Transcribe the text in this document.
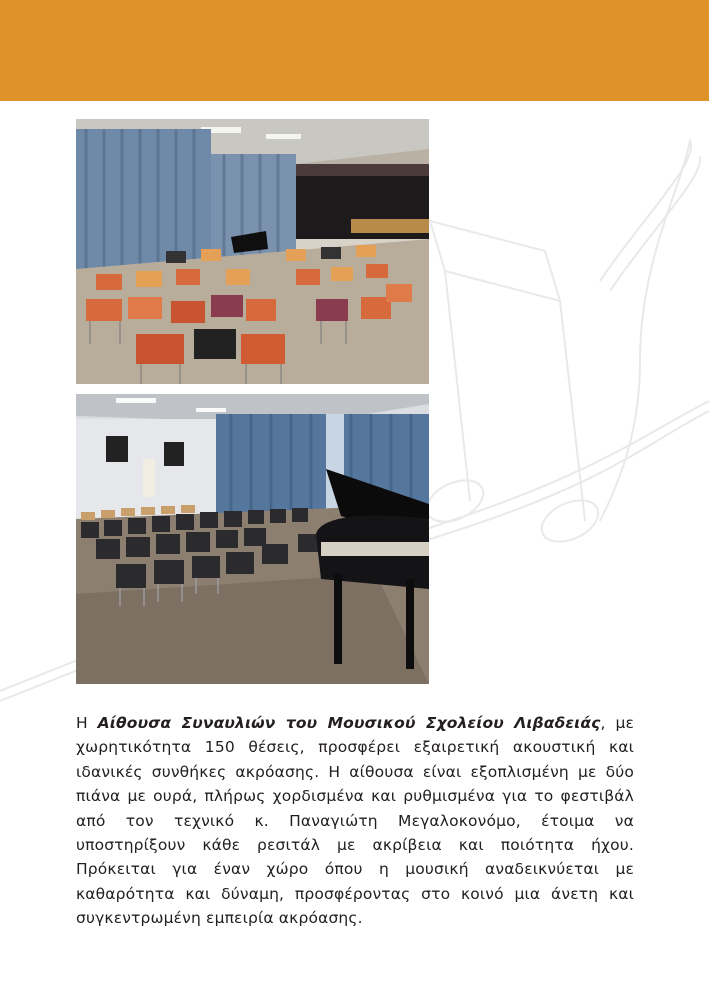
Η Αίθουσα Συναυλιών του Μουσικού Σχολείου Λιβαδειάς, με χωρητικότητα 150 θέσεις, προσφέρει εξαιρετική ακουστική και ιδανικές συνθήκες ακρόασης. Η αίθουσα είναι εξοπλισμένη με δύο πιάνα με ουρά, πλήρως χορδισμένα και ρυθμισμένα για το φεστιβάλ από τον τεχνικό κ. Παναγιώτη Μεγαλοκονόμο, έτοιμα να υποστηρίξουν κάθε ρεσιτάλ με ακρίβεια και ποιότητα ήχου. Πρόκειται για έναν χώρο όπου η μουσική αναδεικνύεται με καθαρότητα και δύναμη, προσφέροντας στο κοινό μια άνετη και συγκεντρωμένη εμπειρία ακρόασης.
